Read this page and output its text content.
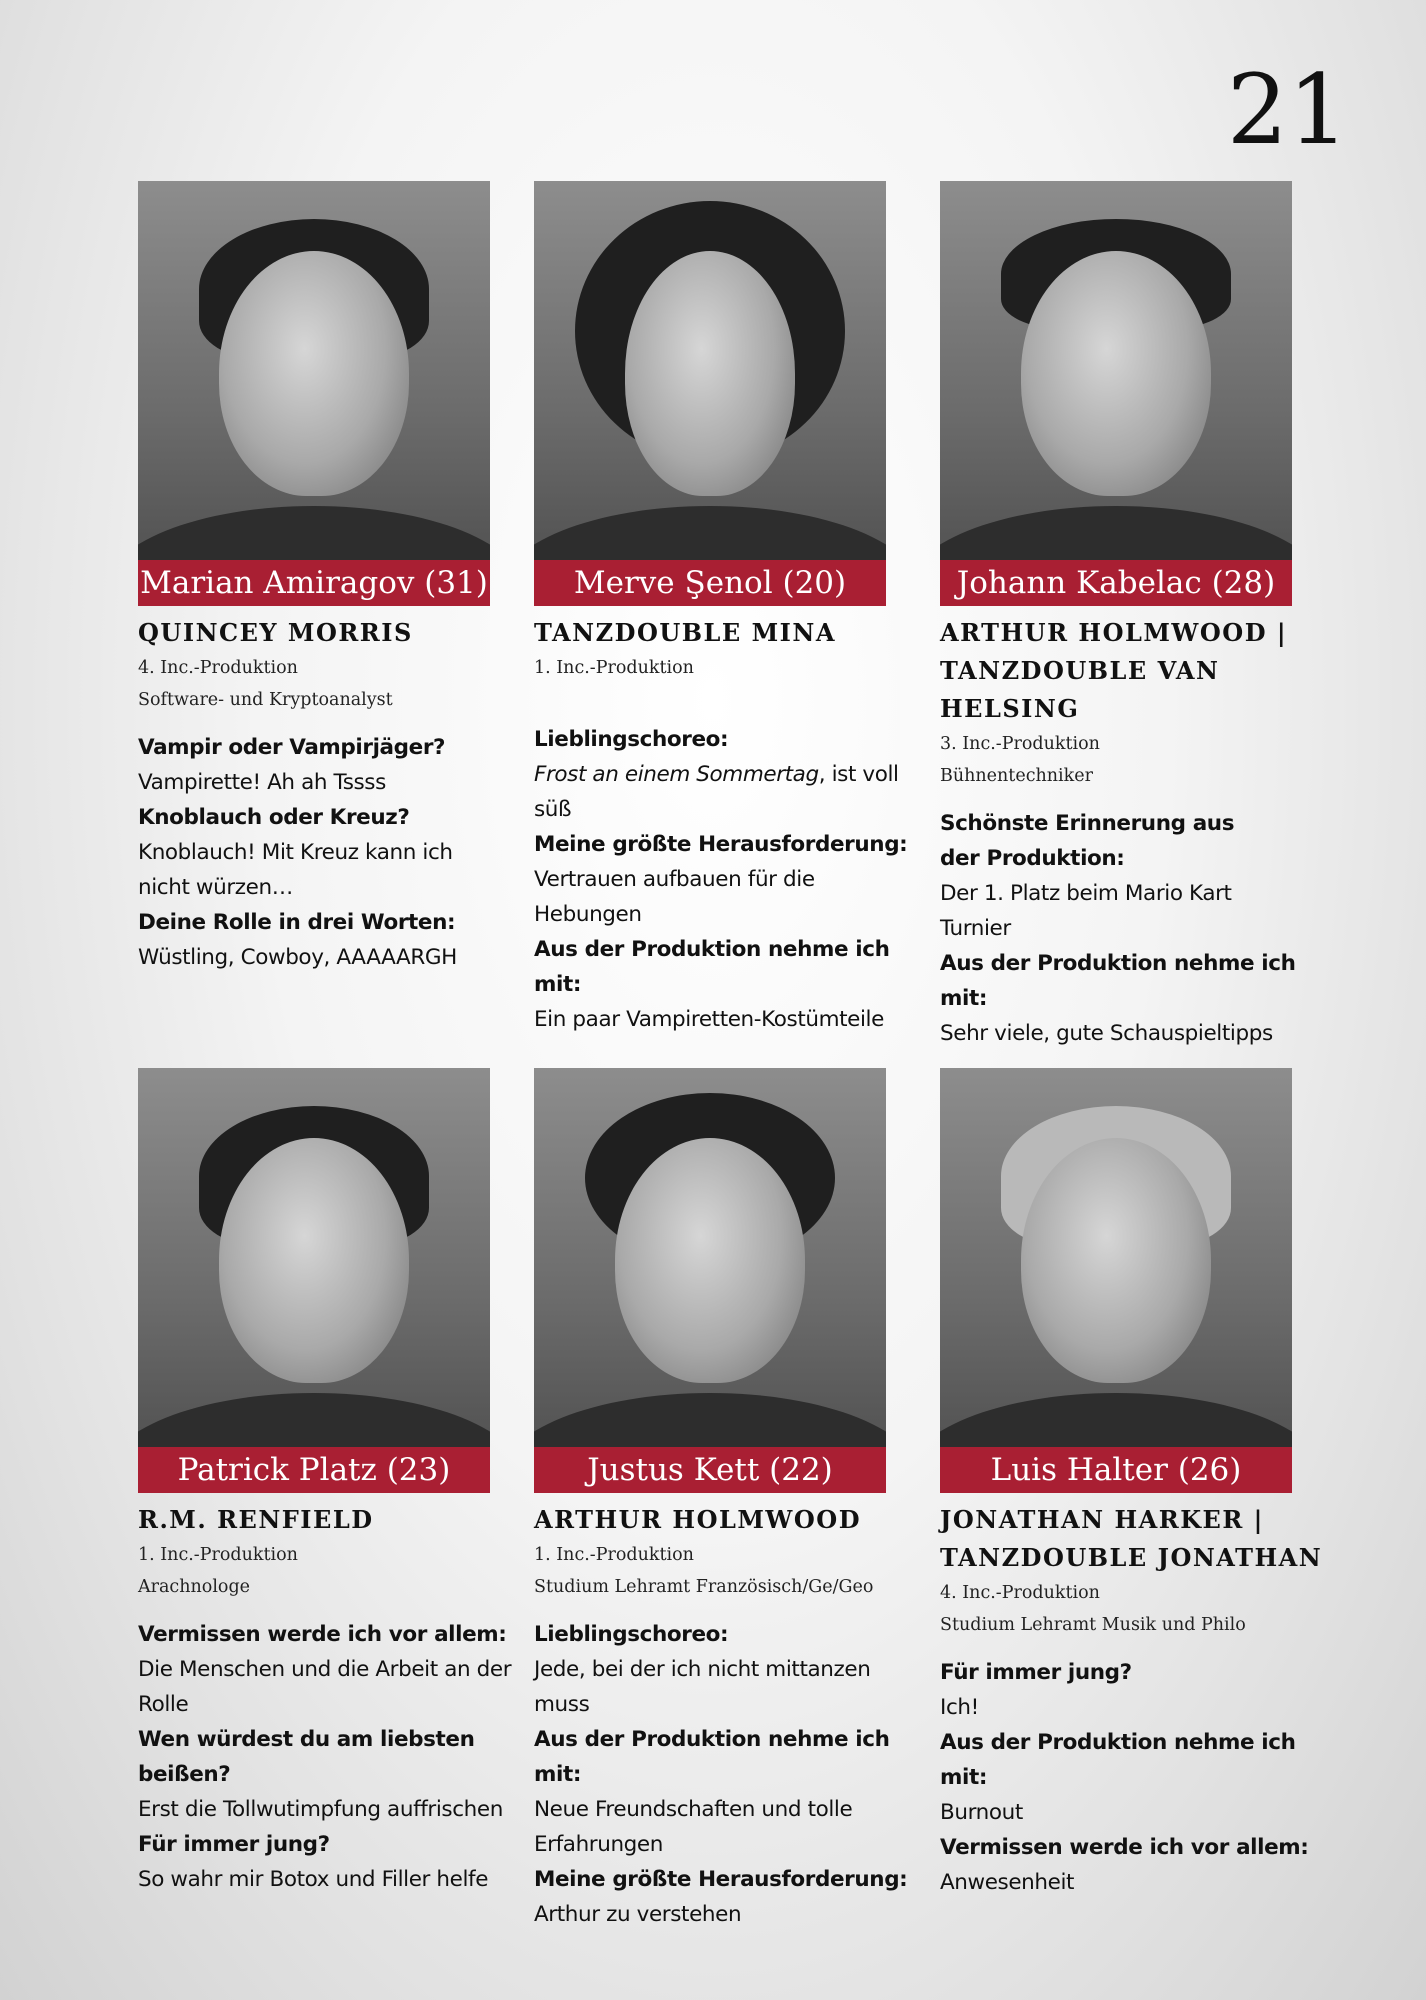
21
Marian Amiragov (31)
QUINCEY MORRIS
4. Inc.-Produktion
Software- und Kryptoanalyst
Vampir oder Vampirjäger?
Vampirette! Ah ah Tssss
Knoblauch oder Kreuz?
Knoblauch! Mit Kreuz kann ich nicht würzen…
Deine Rolle in drei Worten:
Wüstling, Cowboy, AAAAARGH
Merve Şenol (20)
TANZDOUBLE MINA
1. Inc.-Produktion
Lieblingschoreo:
Frost an einem Sommertag, ist voll süß
Meine größte Herausforderung:
Vertrauen aufbauen für die Hebungen
Aus der Produktion nehme ich mit:
Ein paar Vampiretten-Kostümteile
Johann Kabelac (28)
ARTHUR HOLMWOOD | TANZDOUBLE VAN HELSING
3. Inc.-Produktion
Bühnentechniker
Schönste Erinnerung aus der Produktion:
Der 1. Platz beim Mario Kart Turnier
Aus der Produktion nehme ich mit:
Sehr viele, gute Schauspieltipps
Patrick Platz (23)
R.M. RENFIELD
1. Inc.-Produktion
Arachnologe
Vermissen werde ich vor allem:
Die Menschen und die Arbeit an der Rolle
Wen würdest du am liebsten beißen?
Erst die Tollwutimpfung auffrischen
Für immer jung?
So wahr mir Botox und Filler helfe
Justus Kett (22)
ARTHUR HOLMWOOD
1. Inc.-Produktion
Studium Lehramt Französisch/Ge/Geo
Lieblingschoreo:
Jede, bei der ich nicht mittanzen muss
Aus der Produktion nehme ich mit:
Neue Freundschaften und tolle Erfahrungen
Meine größte Herausforderung:
Arthur zu verstehen
Luis Halter (26)
JONATHAN HARKER | TANZDOUBLE JONATHAN
4. Inc.-Produktion
Studium Lehramt Musik und Philo
Für immer jung?
Ich!
Aus der Produktion nehme ich mit:
Burnout
Vermissen werde ich vor allem:
Anwesenheit
